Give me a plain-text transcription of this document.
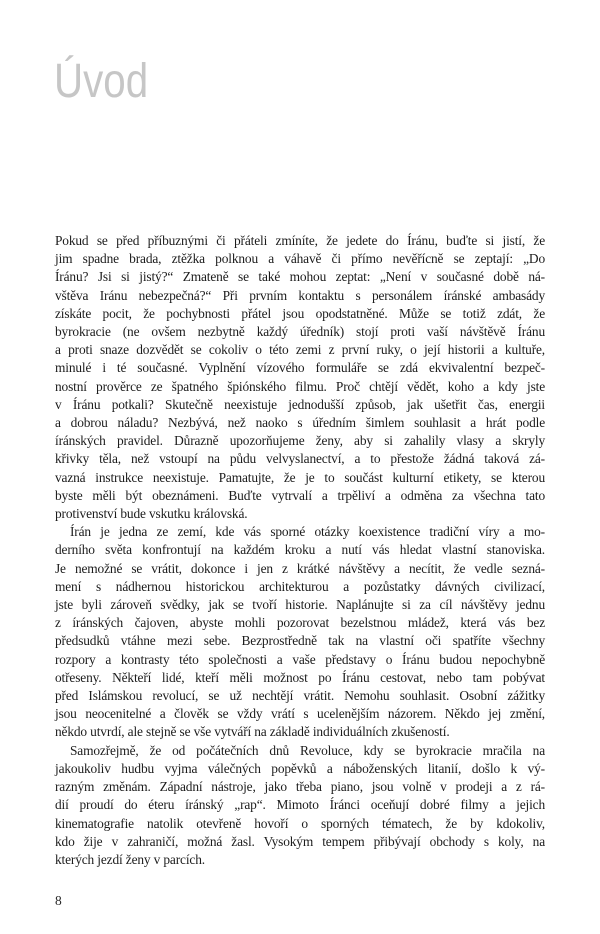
Úvod
Pokud se před příbuznými či přáteli zmíníte, že jedete do Íránu, buďte si jistí, že
jim spadne brada, ztěžka polknou a váhavě či přímo nevěřícně se zeptají: „Do
Íránu? Jsi si jistý?“ Zmateně se také mohou zeptat: „Není v současné době ná-
vštěva Iránu nebezpečná?“ Při prvním kontaktu s personálem íránské ambasády
získáte pocit, že pochybnosti přátel jsou opodstatněné. Může se totiž zdát, že
byrokracie (ne ovšem nezbytně každý úředník) stojí proti vaší návštěvě Íránu
a proti snaze dozvědět se cokoliv o této zemi z první ruky, o její historii a kultuře,
minulé i té současné. Vyplnění vízového formuláře se zdá ekvivalentní bezpeč-
nostní prověrce ze špatného špiónského filmu. Proč chtějí vědět, koho a kdy jste
v Íránu potkali? Skutečně neexistuje jednodušší způsob, jak ušetřit čas, energii
a dobrou náladu? Nezbývá, než naoko s úředním šimlem souhlasit a hrát podle
íránských pravidel. Důrazně upozorňujeme ženy, aby si zahalily vlasy a skryly
křivky těla, než vstoupí na půdu velvyslanectví, a to přestože žádná taková zá-
vazná instrukce neexistuje. Pamatujte, že je to součást kulturní etikety, se kterou
byste měli být obeznámeni. Buďte vytrvalí a trpěliví a odměna za všechna tato
protivenství bude vskutku královská.
Írán je jedna ze zemí, kde vás sporné otázky koexistence tradiční víry a mo-
derního světa konfrontují na každém kroku a nutí vás hledat vlastní stanoviska.
Je nemožné se vrátit, dokonce i jen z krátké návštěvy a necítit, že vedle sezná-
mení s nádhernou historickou architekturou a pozůstatky dávných civilizací,
jste byli zároveň svědky, jak se tvoří historie. Naplánujte si za cíl návštěvy jednu
z íránských čajoven, abyste mohli pozorovat bezelstnou mládež, která vás bez
předsudků vtáhne mezi sebe. Bezprostředně tak na vlastní oči spatříte všechny
rozpory a kontrasty této společnosti a vaše představy o Íránu budou nepochybně
otřeseny. Někteří lidé, kteří měli možnost po Íránu cestovat, nebo tam pobývat
před Islámskou revolucí, se už nechtějí vrátit. Nemohu souhlasit. Osobní zážitky
jsou neocenitelné a člověk se vždy vrátí s ucelenějším názorem. Někdo jej změní,
někdo utvrdí, ale stejně se vše vytváří na základě individuálních zkušeností.
Samozřejmě, že od počátečních dnů Revoluce, kdy se byrokracie mračila na
jakoukoliv hudbu vyjma válečných popěvků a náboženských litanií, došlo k vý-
razným změnám. Západní nástroje, jako třeba piano, jsou volně v prodeji a z rá-
dií proudí do éteru íránský „rap“. Mimoto Íránci oceňují dobré filmy a jejich
kinematografie natolik otevřeně hovoří o sporných tématech, že by kdokoliv,
kdo žije v zahraničí, možná žasl. Vysokým tempem přibývají obchody s koly, na
kterých jezdí ženy v parcích.
8
